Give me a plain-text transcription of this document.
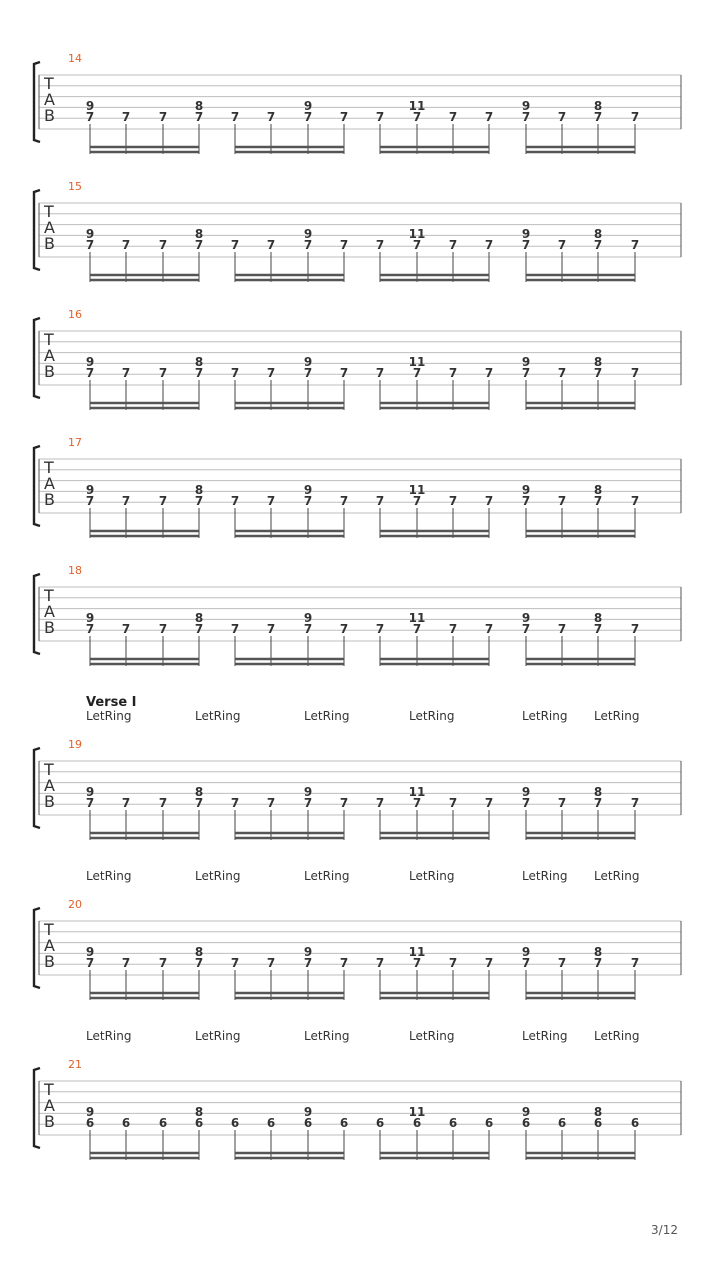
14
T
A
B	9	8	9	11	9	8
7 7 7 7 7 7 7 7 7 7 7 7 7 7 7 7
15
T
A
B	9	8	9	11	9	8
7 7 7 7 7 7 7 7 7 7 7 7 7 7 7 7
16
T
A
B	9	8	9	11	9	8
7 7 7 7 7 7 7 7 7 7 7 7 7 7 7 7
17
T
A
B	9	8	9	11	9	8
7 7 7 7 7 7 7 7 7 7 7 7 7 7 7 7
18
T
A
B	9	8	9	11	9	8
7 7 7 7 7 7 7 7 7 7 7 7 7 7 7 7
LetRing	LetRing	LetRing	LetRing	LetRing LetRing
Verse I
19
T
A
B	9	8	9	11	9	8
7 7 7 7 7 7 7 7 7 7 7 7 7 7 7 7
LetRing	LetRing	LetRing	LetRing	LetRing LetRing
20
T
A
B	9	8	9	11	9	8
7 7 7 7 7 7 7 7 7 7 7 7 7 7 7 7
LetRing	LetRing	LetRing	LetRing	LetRing LetRing
21
T
A
B	9	8	9	11	9	8
6 6 6 6 6 6 6 6 6 6 6 6 6 6 6 6
3/12
